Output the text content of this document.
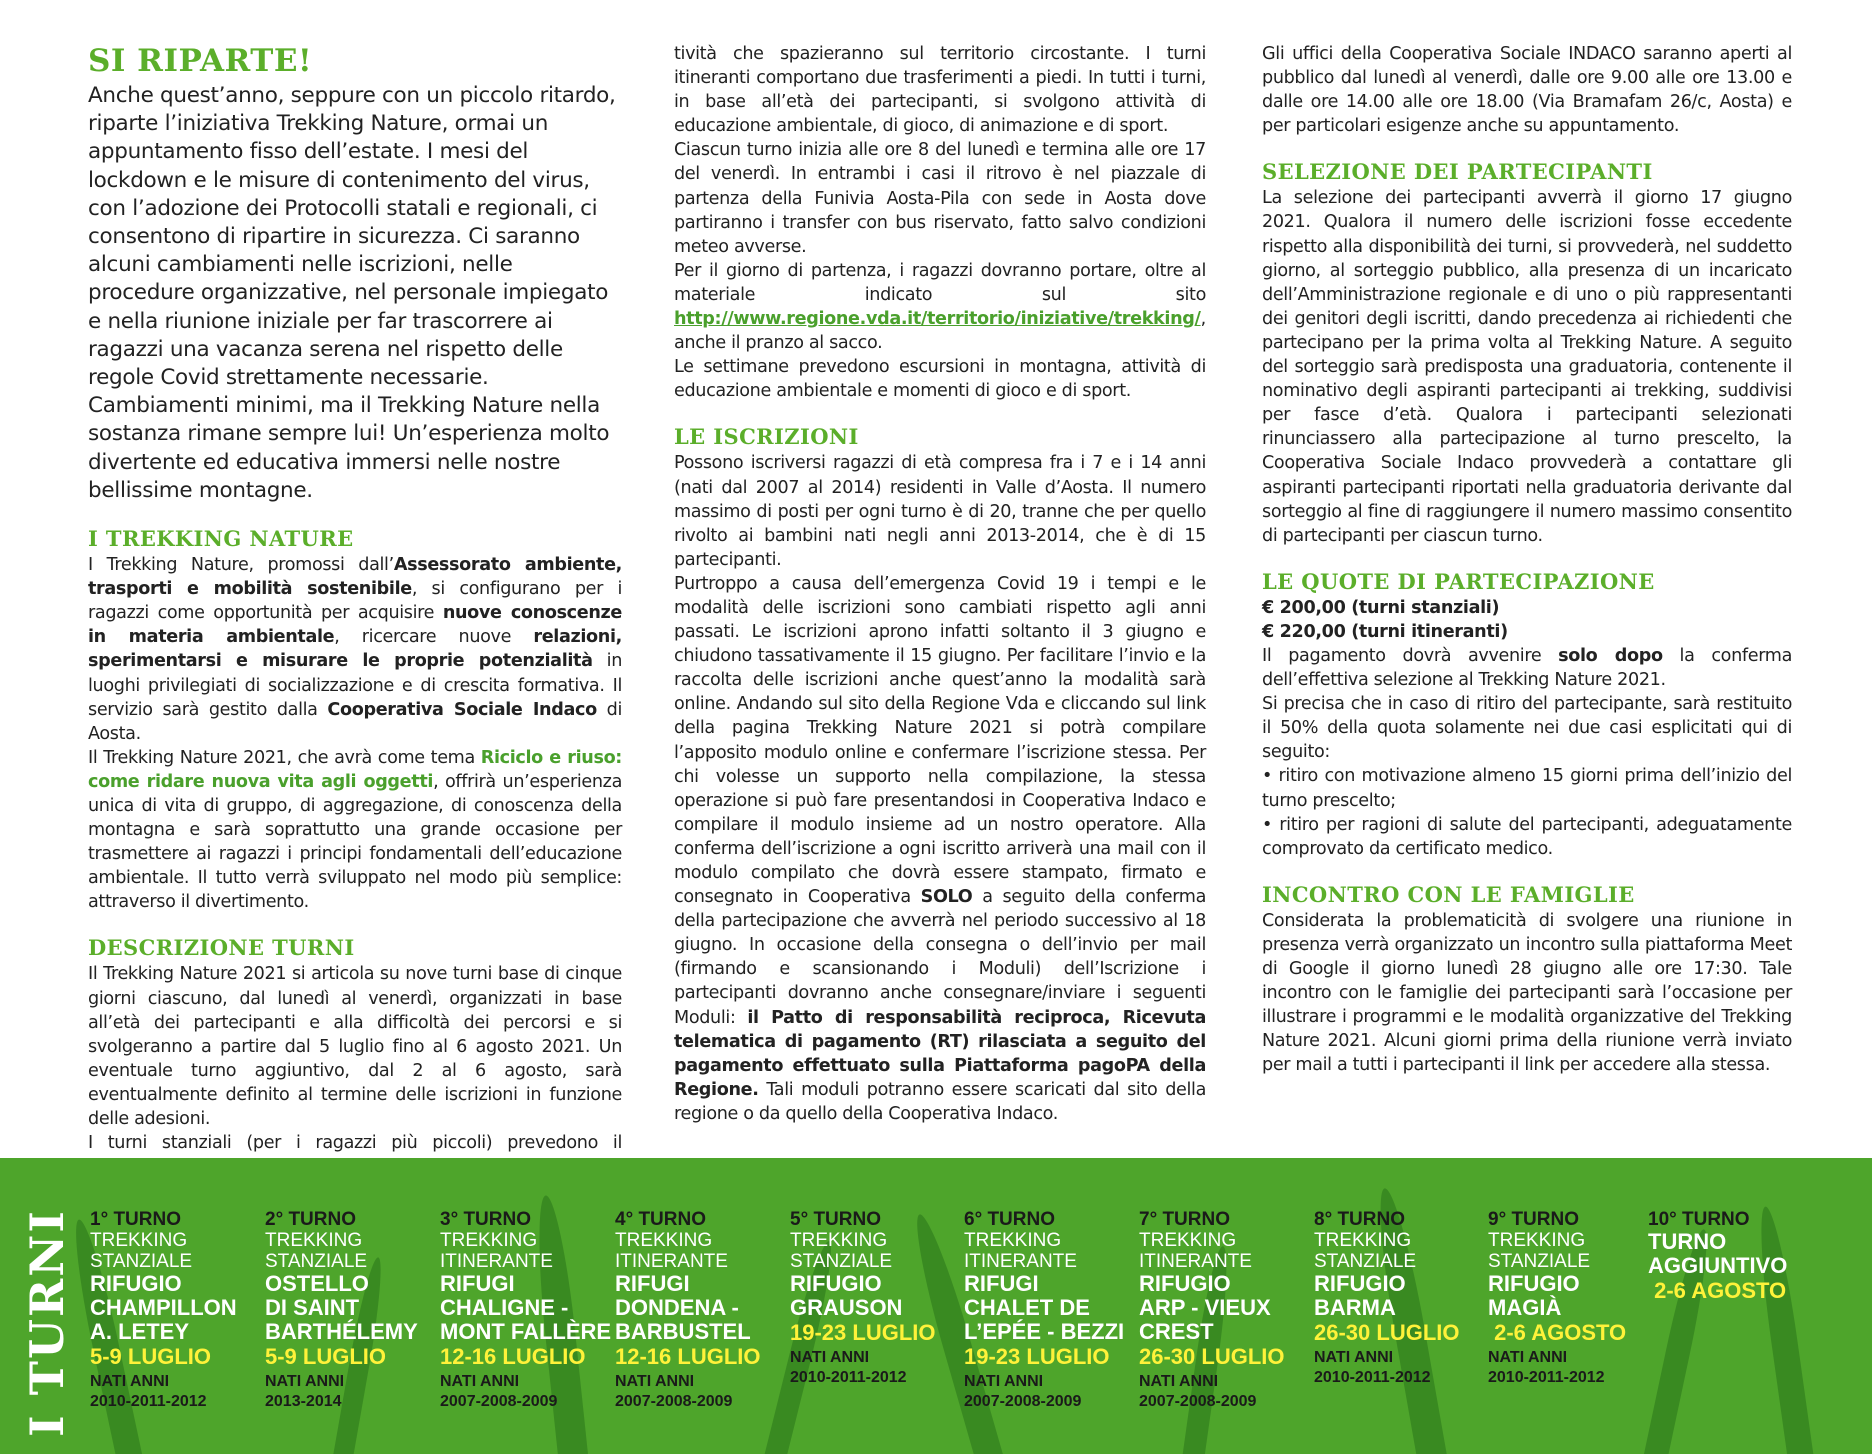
SI RIPARTE!

Anche quest’anno, seppure con un piccolo ritardo, riparte l’iniziativa Trekking Nature, ormai un appuntamento fisso dell’estate. I mesi del lockdown e le misure di contenimento del virus, con l’adozione dei Protocolli statali e regionali, ci consentono di ripartire in sicurezza. Ci saranno alcuni cambiamenti nelle iscrizioni, nelle procedure organizzative, nel personale impiegato e nella riunione iniziale per far trascorrere ai ragazzi una vacanza serena nel rispetto delle regole Covid strettamente necessarie. Cambiamenti minimi, ma il Trekking Nature nella sostanza rimane sempre lui! Un’esperienza molto divertente ed educativa immersi nelle nostre bellissime montagne.

I TREKKING NATURE

I Trekking Nature, promossi dall’Assessorato ambiente, trasporti e mobilità sostenibile, si configurano per i ragazzi come opportunità per acquisire nuove conoscenze in materia ambientale, ricercare nuove relazioni, sperimentarsi e misurare le proprie potenzialità in luoghi privilegiati di socializzazione e di crescita formativa. Il servizio sarà gestito dalla Cooperativa Sociale Indaco di Aosta.

Il Trekking Nature 2021, che avrà come tema Riciclo e riuso: come ridare nuova vita agli oggetti, offrirà un’esperienza unica di vita di gruppo, di aggregazione, di conoscenza della montagna e sarà soprattutto una grande occasione per trasmettere ai ragazzi i principi fondamentali dell’educazione ambientale. Il tutto verrà sviluppato nel modo più semplice: attraverso il divertimento.

DESCRIZIONE TURNI

Il Trekking Nature 2021 si articola su nove turni base di cinque giorni ciascuno, dal lunedì al venerdì, organizzati in base all’età dei partecipanti e alla difficoltà dei percorsi e si svolgeranno a partire dal 5 luglio fino al 6 agosto 2021. Un eventuale turno aggiuntivo, dal 2 al 6 agosto, sarà eventualmente definito al termine delle iscrizioni in funzione delle adesioni.

I turni stanziali (per i ragazzi più piccoli) prevedono il

tività che spazieranno sul territorio circostante. I turni itineranti comportano due trasferimenti a piedi. In tutti i turni, in base all’età dei partecipanti, si svolgono attività di educazione ambientale, di gioco, di animazione e di sport.

Ciascun turno inizia alle ore 8 del lunedì e termina alle ore 17 del venerdì. In entrambi i casi il ritrovo è nel piazzale di partenza della Funivia Aosta-Pila con sede in Aosta dove partiranno i transfer con bus riservato, fatto salvo condizioni meteo avverse.

Per il giorno di partenza, i ragazzi dovranno portare, oltre al materiale indicato sul sito http://www.regione.vda.it/territorio/iniziative/trekking/, anche il pranzo al sacco.

Le settimane prevedono escursioni in montagna, attività di educazione ambientale e momenti di gioco e di sport.

LE ISCRIZIONI

Possono iscriversi ragazzi di età compresa fra i 7 e i 14 anni (nati dal 2007 al 2014) residenti in Valle d’Aosta. Il numero massimo di posti per ogni turno è di 20, tranne che per quello rivolto ai bambini nati negli anni 2013-2014, che è di 15 partecipanti.

Purtroppo a causa dell’emergenza Covid 19 i tempi e le modalità delle iscrizioni sono cambiati rispetto agli anni passati. Le iscrizioni aprono infatti soltanto il 3 giugno e chiudono tassativamente il 15 giugno. Per facilitare l’invio e la raccolta delle iscrizioni anche quest’anno la modalità sarà online. Andando sul sito della Regione Vda e cliccando sul link della pagina Trekking Nature 2021 si potrà compilare l’apposito modulo online e confermare l’iscrizione stessa. Per chi volesse un supporto nella compilazione, la stessa operazione si può fare presentandosi in Cooperativa Indaco e compilare il modulo insieme ad un nostro operatore. Alla conferma dell’iscrizione a ogni iscritto arriverà una mail con il modulo compilato che dovrà essere stampato, firmato e consegnato in Cooperativa SOLO a seguito della conferma della partecipazione che avverrà nel periodo successivo al 18 giugno. In occasione della consegna o dell’invio per mail (firmando e scansionando i Moduli) dell’Iscrizione i partecipanti dovranno anche consegnare/inviare i seguenti Moduli: il Patto di responsabilità reciproca, Ricevuta telematica di pagamento (RT) rilasciata a seguito del pagamento effettuato sulla Piattaforma pagoPA della Regione. Tali moduli potranno essere scaricati dal sito della regione o da quello della Cooperativa Indaco.

Gli uffici della Cooperativa Sociale INDACO saranno aperti al pubblico dal lunedì al venerdì, dalle ore 9.00 alle ore 13.00 e dalle ore 14.00 alle ore 18.00 (Via Bramafam 26/c, Aosta) e per particolari esigenze anche su appuntamento.

SELEZIONE DEI PARTECIPANTI

La selezione dei partecipanti avverrà il giorno 17 giugno 2021. Qualora il numero delle iscrizioni fosse eccedente rispetto alla disponibilità dei turni, si provvederà, nel suddetto giorno, al sorteggio pubblico, alla presenza di un incaricato dell’Amministrazione regionale e di uno o più rappresentanti dei genitori degli iscritti, dando precedenza ai richiedenti che partecipano per la prima volta al Trekking Nature. A seguito del sorteggio sarà predisposta una graduatoria, contenente il nominativo degli aspiranti partecipanti ai trekking, suddivisi per fasce d’età. Qualora i partecipanti selezionati rinunciassero alla partecipazione al turno prescelto, la Cooperativa Sociale Indaco provvederà a contattare gli aspiranti partecipanti riportati nella graduatoria derivante dal sorteggio al fine di raggiungere il numero massimo consentito di partecipanti per ciascun turno.

LE QUOTE DI PARTECIPAZIONE

€ 200,00 (turni stanziali)

€ 220,00 (turni itineranti)

Il pagamento dovrà avvenire solo dopo la conferma dell’effettiva selezione al Trekking Nature 2021.

Si precisa che in caso di ritiro del partecipante, sarà restituito il 50% della quota solamente nei due casi esplicitati qui di seguito:

• ritiro con motivazione almeno 15 giorni prima dell’inizio del turno prescelto;

• ritiro per ragioni di salute del partecipanti, adeguatamente comprovato da certificato medico.

INCONTRO CON LE FAMIGLIE

Considerata la problematicità di svolgere una riunione in presenza verrà organizzato un incontro sulla piattaforma Meet di Google il giorno lunedì 28 giugno alle ore 17:30. Tale incontro con le famiglie dei partecipanti sarà l’occasione per illustrare i programmi e le modalità organizzative del Trekking Nature 2021. Alcuni giorni prima della riunione verrà inviato per mail a tutti i partecipanti il link per accedere alla stessa.

I TURNI 1° TURNO
TREKKING
STANZIALE
RIFUGIO
CHAMPILLON
A. LETEY
5-9 LUGLIO
NATI ANNI
2010-2011-2012
2° TURNO
TREKKING
STANZIALE
OSTELLO
DI SAINT
BARTHÉLEMY
5-9 LUGLIO
NATI ANNI
2013-2014
3° TURNO
TREKKING
ITINERANTE
RIFUGI
CHALIGNE -
MONT FALLÈRE
12-16 LUGLIO
NATI ANNI
2007-2008-2009
4° TURNO
TREKKING
ITINERANTE
RIFUGI
DONDENA -
BARBUSTEL
12-16 LUGLIO
NATI ANNI
2007-2008-2009
5° TURNO
TREKKING
STANZIALE
RIFUGIO
GRAUSON
19-23 LUGLIO
NATI ANNI
2010-2011-2012
6° TURNO
TREKKING
ITINERANTE
RIFUGI
CHALET DE
L’EPÉE - BEZZI
19-23 LUGLIO
NATI ANNI
2007-2008-2009
7° TURNO
TREKKING
ITINERANTE
RIFUGIO
ARP - VIEUX
CREST
26-30 LUGLIO
NATI ANNI
2007-2008-2009
8° TURNO
TREKKING
STANZIALE
RIFUGIO
BARMA
26-30 LUGLIO
NATI ANNI
2010-2011-2012
9° TURNO
TREKKING
STANZIALE
RIFUGIO
MAGIÀ
2-6 AGOSTO
NATI ANNI
2010-2011-2012
10° TURNO
TURNO
AGGIUNTIVO
2-6 AGOSTO
